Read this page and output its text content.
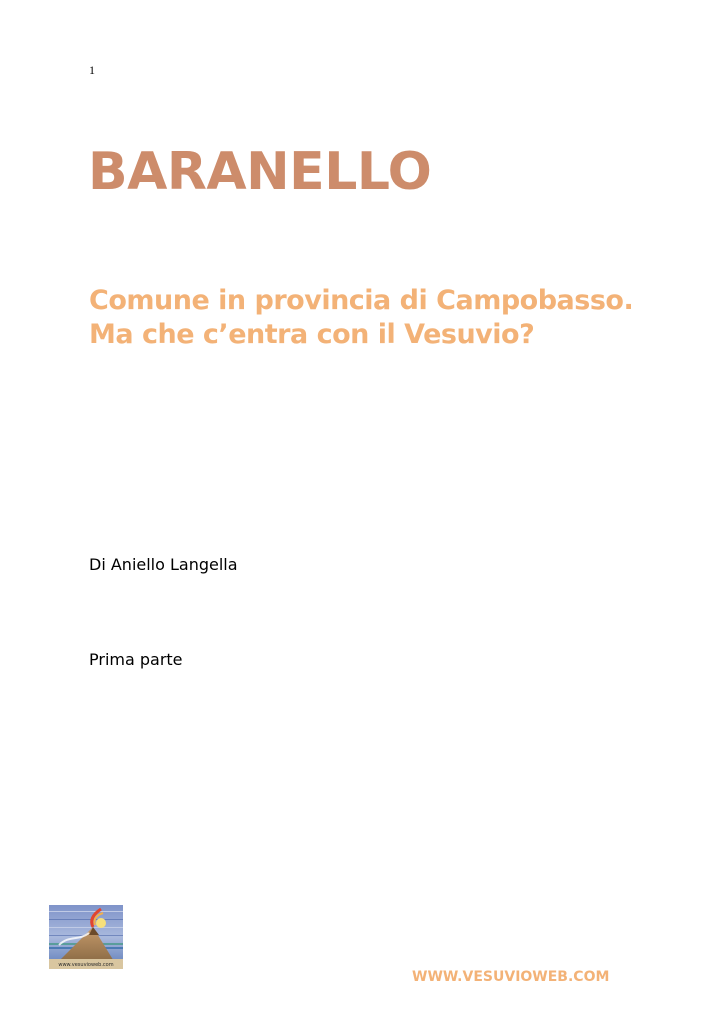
1
BARANELLO
Comune in provincia di Campobasso.
Ma che c’entra con il Vesuvio?
Di Aniello Langella
Prima parte
www.vesuvioweb.com
WWW.VESUVIOWEB.COM
